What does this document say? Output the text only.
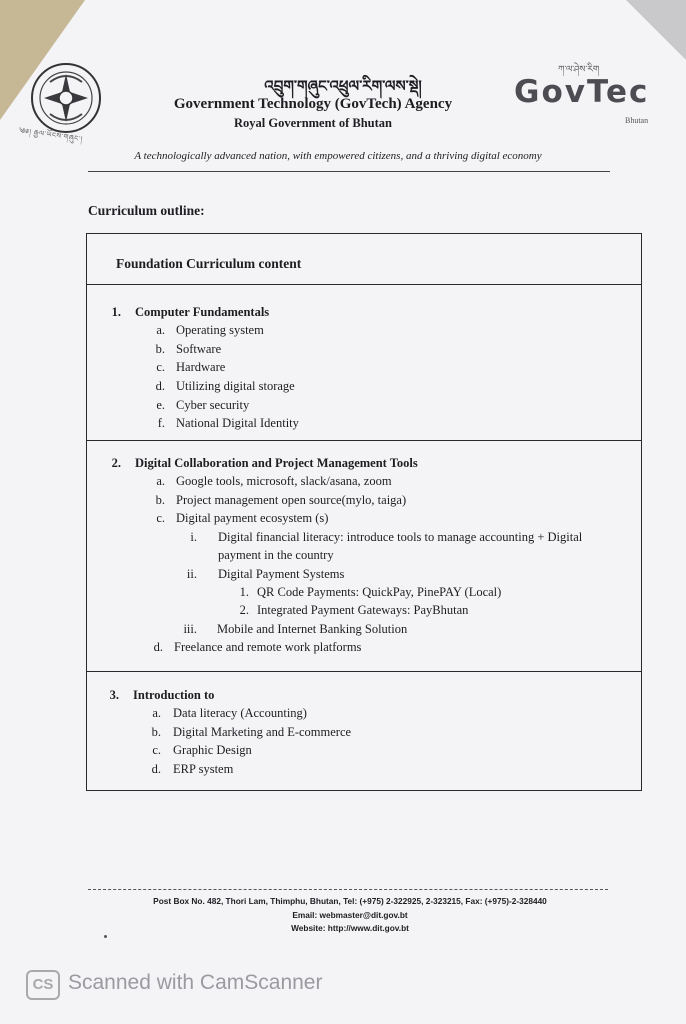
༄༅། རྒྱལ་ཡོངས་གཞུང་།
འབྲུག་གཞུང་འཕྲུལ་རིག་ལས་སྡེ།
Government Technology (GovTech) Agency
Royal Government of Bhutan
ཀ་ལ་ཤེས་རིག
GovTec
Bhutan
A technologically advanced nation, with empowered citizens, and a thriving digital economy
Curriculum outline:
Foundation Curriculum content
1. Computer Fundamentals
a. Operating system
b. Software
c. Hardware
d. Utilizing digital storage
e. Cyber security
f. National Digital Identity
2. Digital Collaboration and Project Management Tools
a. Google tools, microsoft, slack/asana, zoom
b. Project management open source(mylo, taiga)
c. Digital payment ecosystem (s)
i. Digital financial literacy: introduce tools to manage accounting + Digital
payment in the country
ii. Digital Payment Systems
1. QR Code Payments: QuickPay, PinePAY (Local)
2. Integrated Payment Gateways: PayBhutan
iii. Mobile and Internet Banking Solution
d. Freelance and remote work platforms
3. Introduction to
a. Data literacy (Accounting)
b. Digital Marketing and E-commerce
c. Graphic Design
d. ERP system
Post Box No. 482, Thori Lam, Thimphu, Bhutan, Tel: (+975) 2-322925, 2-323215, Fax: (+975)-2-328440
Email: webmaster@dit.gov.bt
Website: http://www.dit.gov.bt
CS Scanned with CamScanner
